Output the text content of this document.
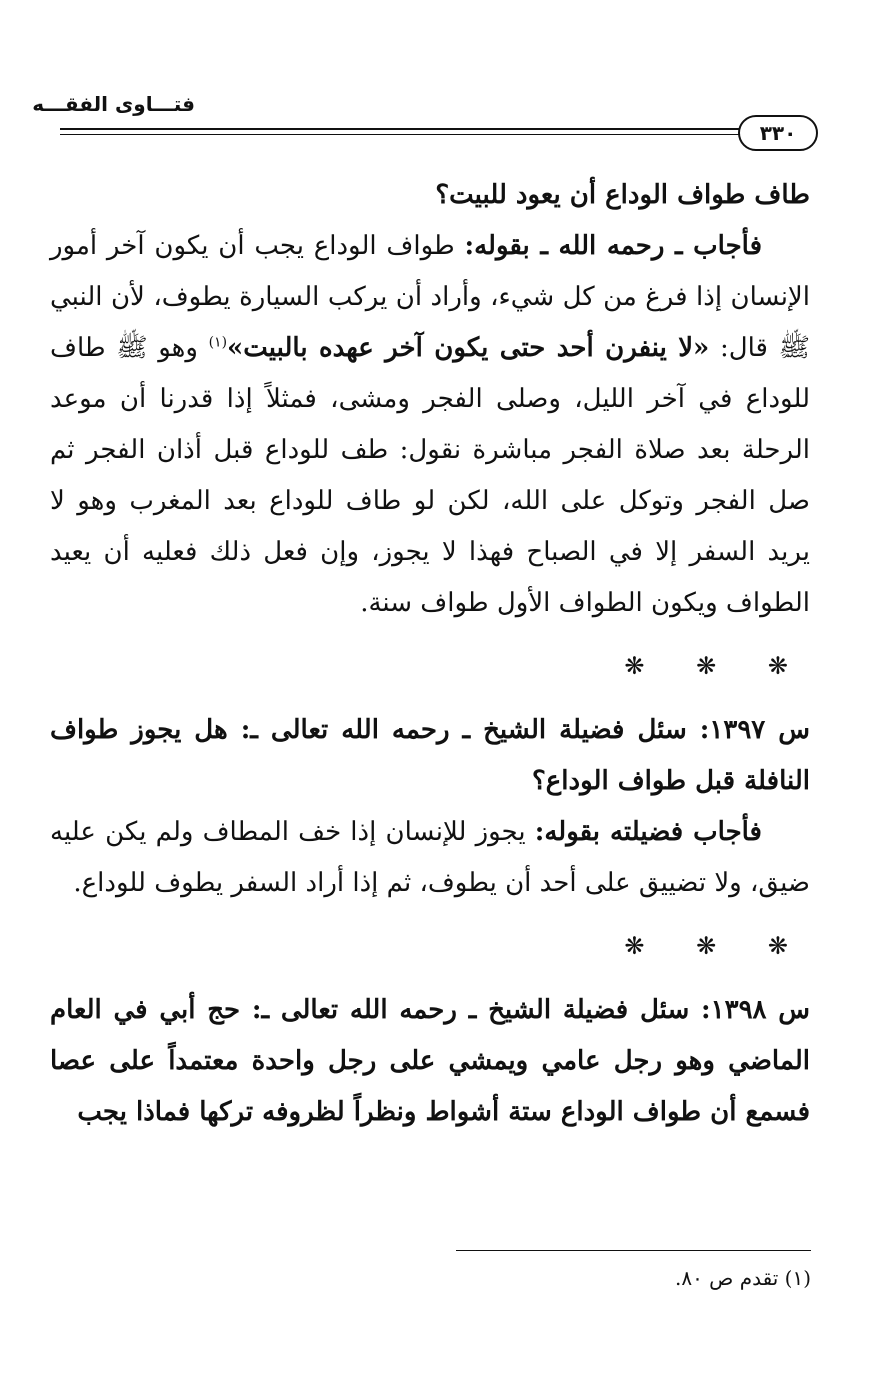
فتـــاوى الفقـــه
٣٣٠

طاف طواف الوداع أن يعود للبيت؟

فأجاب ـ رحمه الله ـ بقوله: طواف الوداع يجب أن يكون آخر أمور الإنسان إذا فرغ من كل شيء، وأراد أن يركب السيارة يطوف، لأن النبي ﷺ قال: «لا ينفرن أحد حتى يكون آخر عهده بالبيت»$^{(١)}$ وهو ﷺ طاف للوداع في آخر الليل، وصلى الفجر ومشى، فمثلاً إذا قدرنا أن موعد الرحلة بعد صلاة الفجر مباشرة نقول: طف للوداع قبل أذان الفجر ثم صل الفجر وتوكل على الله، لكن لو طاف للوداع بعد المغرب وهو لا يريد السفر إلا في الصباح فهذا لا يجوز، وإن فعل ذلك فعليه أن يعيد الطواف ويكون الطواف الأول طواف سنة.

❋ ❋ ❋

س ١٣٩٧: سئل فضيلة الشيخ ـ رحمه الله تعالى ـ: هل يجوز طواف النافلة قبل طواف الوداع؟

فأجاب فضيلته بقوله: يجوز للإنسان إذا خف المطاف ولم يكن عليه ضيق، ولا تضييق على أحد أن يطوف، ثم إذا أراد السفر يطوف للوداع.

❋ ❋ ❋

س ١٣٩٨: سئل فضيلة الشيخ ـ رحمه الله تعالى ـ: حج أبي في العام الماضي وهو رجل عامي ويمشي على رجل واحدة معتمداً على عصا فسمع أن طواف الوداع ستة أشواط ونظراً لظروفه تركها فماذا يجب

(١) تقدم ص ٨٠.
